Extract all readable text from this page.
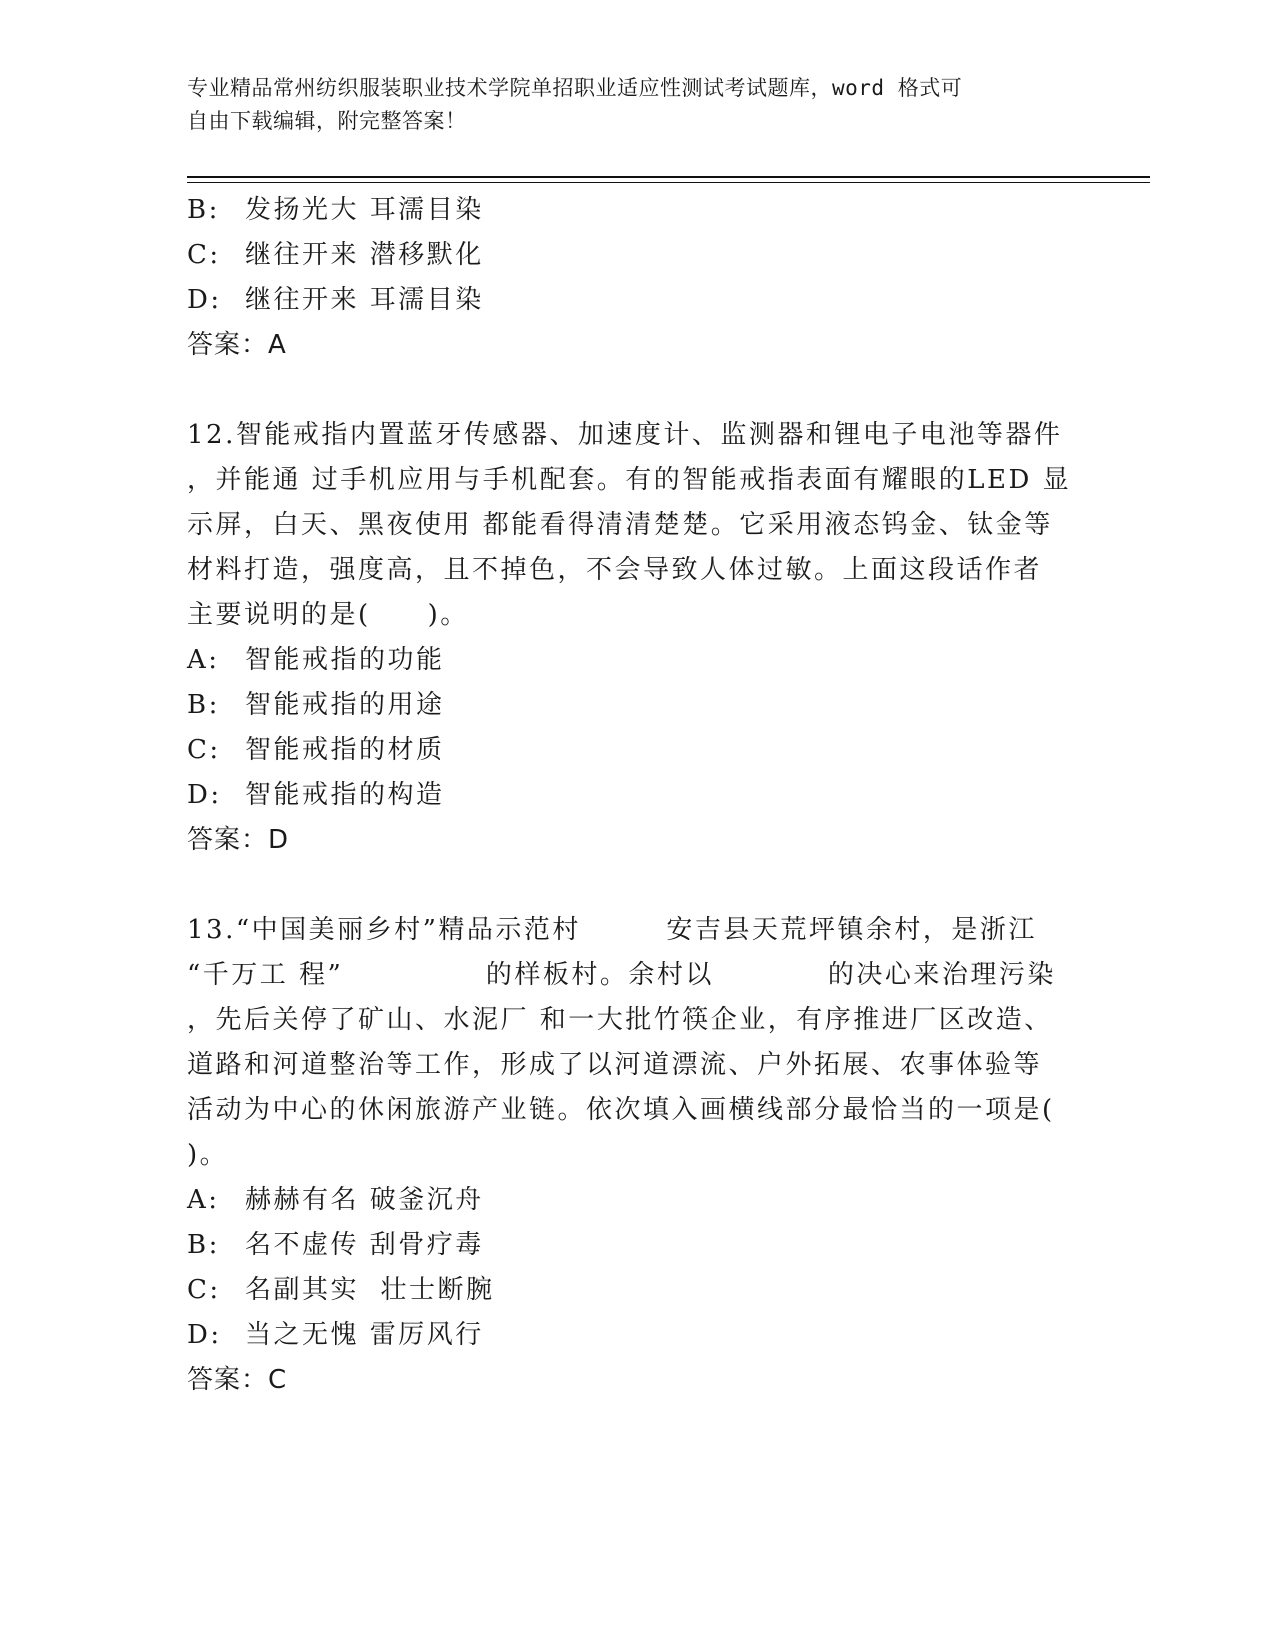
专业精品常州纺织服装职业技术学院单招职业适应性测试考试题库，word 格式可
自由下载编辑，附完整答案！
B: 发扬光大 耳濡目染
C: 继往开来 潜移默化
D: 继往开来 耳濡目染
答案：A
12.智能戒指内置蓝牙传感器、加速度计、监测器和锂电子电池等器件
，并能通 过手机应用与手机配套。有的智能戒指表面有耀眼的LED 显
示屏，白天、黑夜使用 都能看得清清楚楚。它采用液态钨金、钛金等
材料打造，强度高，且不掉色，不会导致人体过敏。上面这段话作者
主要说明的是(　　)。
A: 智能戒指的功能
B: 智能戒指的用途
C: 智能戒指的材质
D: 智能戒指的构造
答案：D
13.“中国美丽乡村”精品示范村　　　安吉县天荒坪镇余村，是浙江
“千万工 程”　　　　　的样板村。余村以　　　　的决心来治理污染
，先后关停了矿山、水泥厂 和一大批竹筷企业，有序推进厂区改造、
道路和河道整治等工作，形成了以河道漂流、户外拓展、农事体验等
活动为中心的休闲旅游产业链。依次填入画横线部分最恰当的一项是(
)。
A: 赫赫有名 破釜沉舟
B: 名不虚传 刮骨疗毒
C: 名副其实  壮士断腕
D: 当之无愧 雷厉风行
答案：C
